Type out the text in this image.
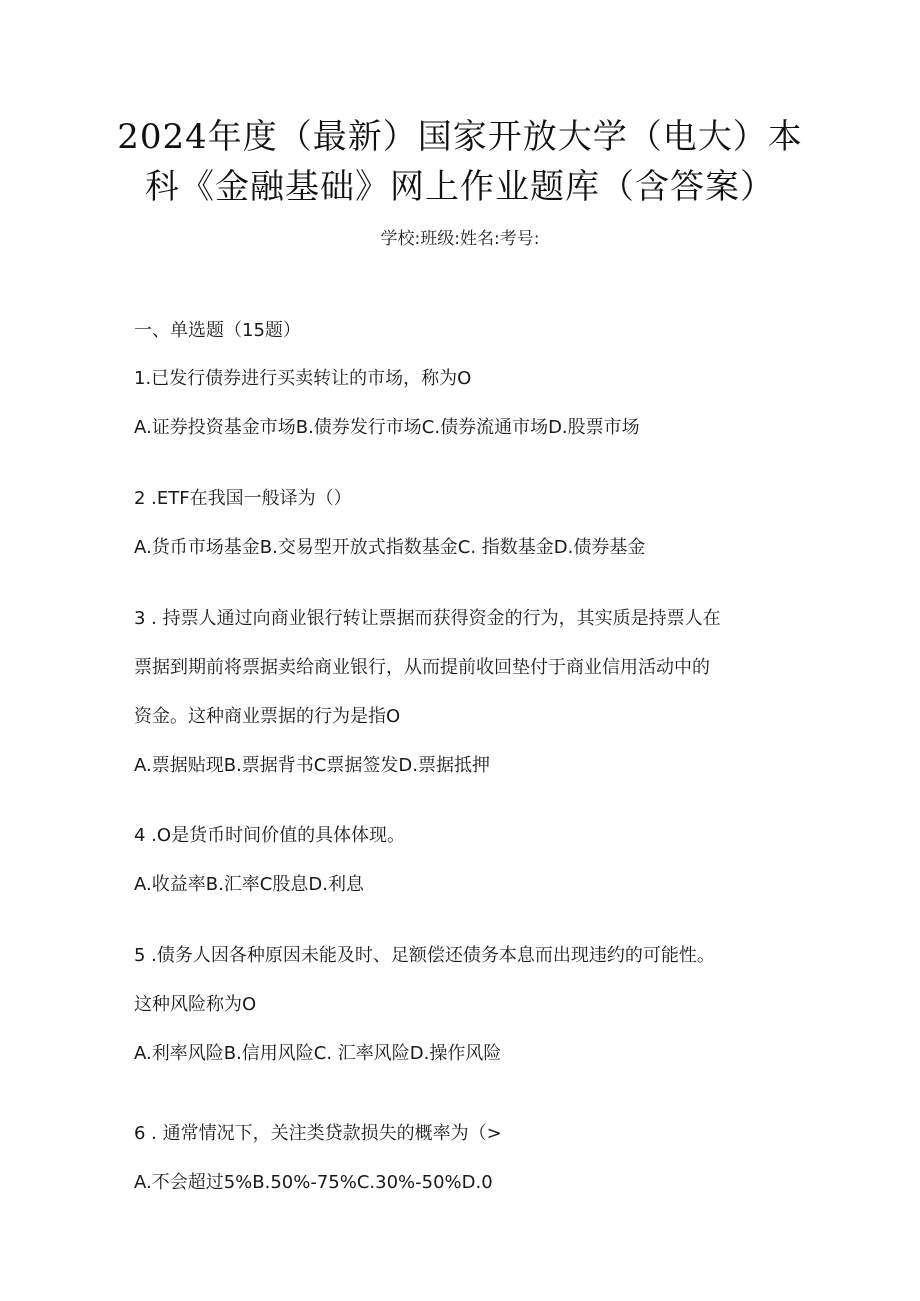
2024年度（最新）国家开放大学（电大）本
科《金融基础》网上作业题库（含答案）
学校:班级:姓名:考号:
一、单选题（15题）
1.已发行债券进行买卖转让的市场，称为O
A.证券投资基金市场B.债券发行市场C.债券流通市场D.股票市场
2 .ETF在我国一般译为（）
A.货币市场基金B.交易型开放式指数基金C. 指数基金D.债券基金
3 . 持票人通过向商业银行转让票据而获得资金的行为，其实质是持票人在
票据到期前将票据卖给商业银行，从而提前收回垫付于商业信用活动中的
资金。这种商业票据的行为是指O
A.票据贴现B.票据背书C票据签发D.票据抵押
4 .O是货币时间价值的具体体现。
A.收益率B.汇率C股息D.利息
5 .债务人因各种原因未能及时、足额偿还债务本息而出现违约的可能性。
这种风险称为O
A.利率风险B.信用风险C. 汇率风险D.操作风险
6 . 通常情况下，关注类贷款损失的概率为（>
A.不会超过5%B.50%-75%C.30%-50%D.0
